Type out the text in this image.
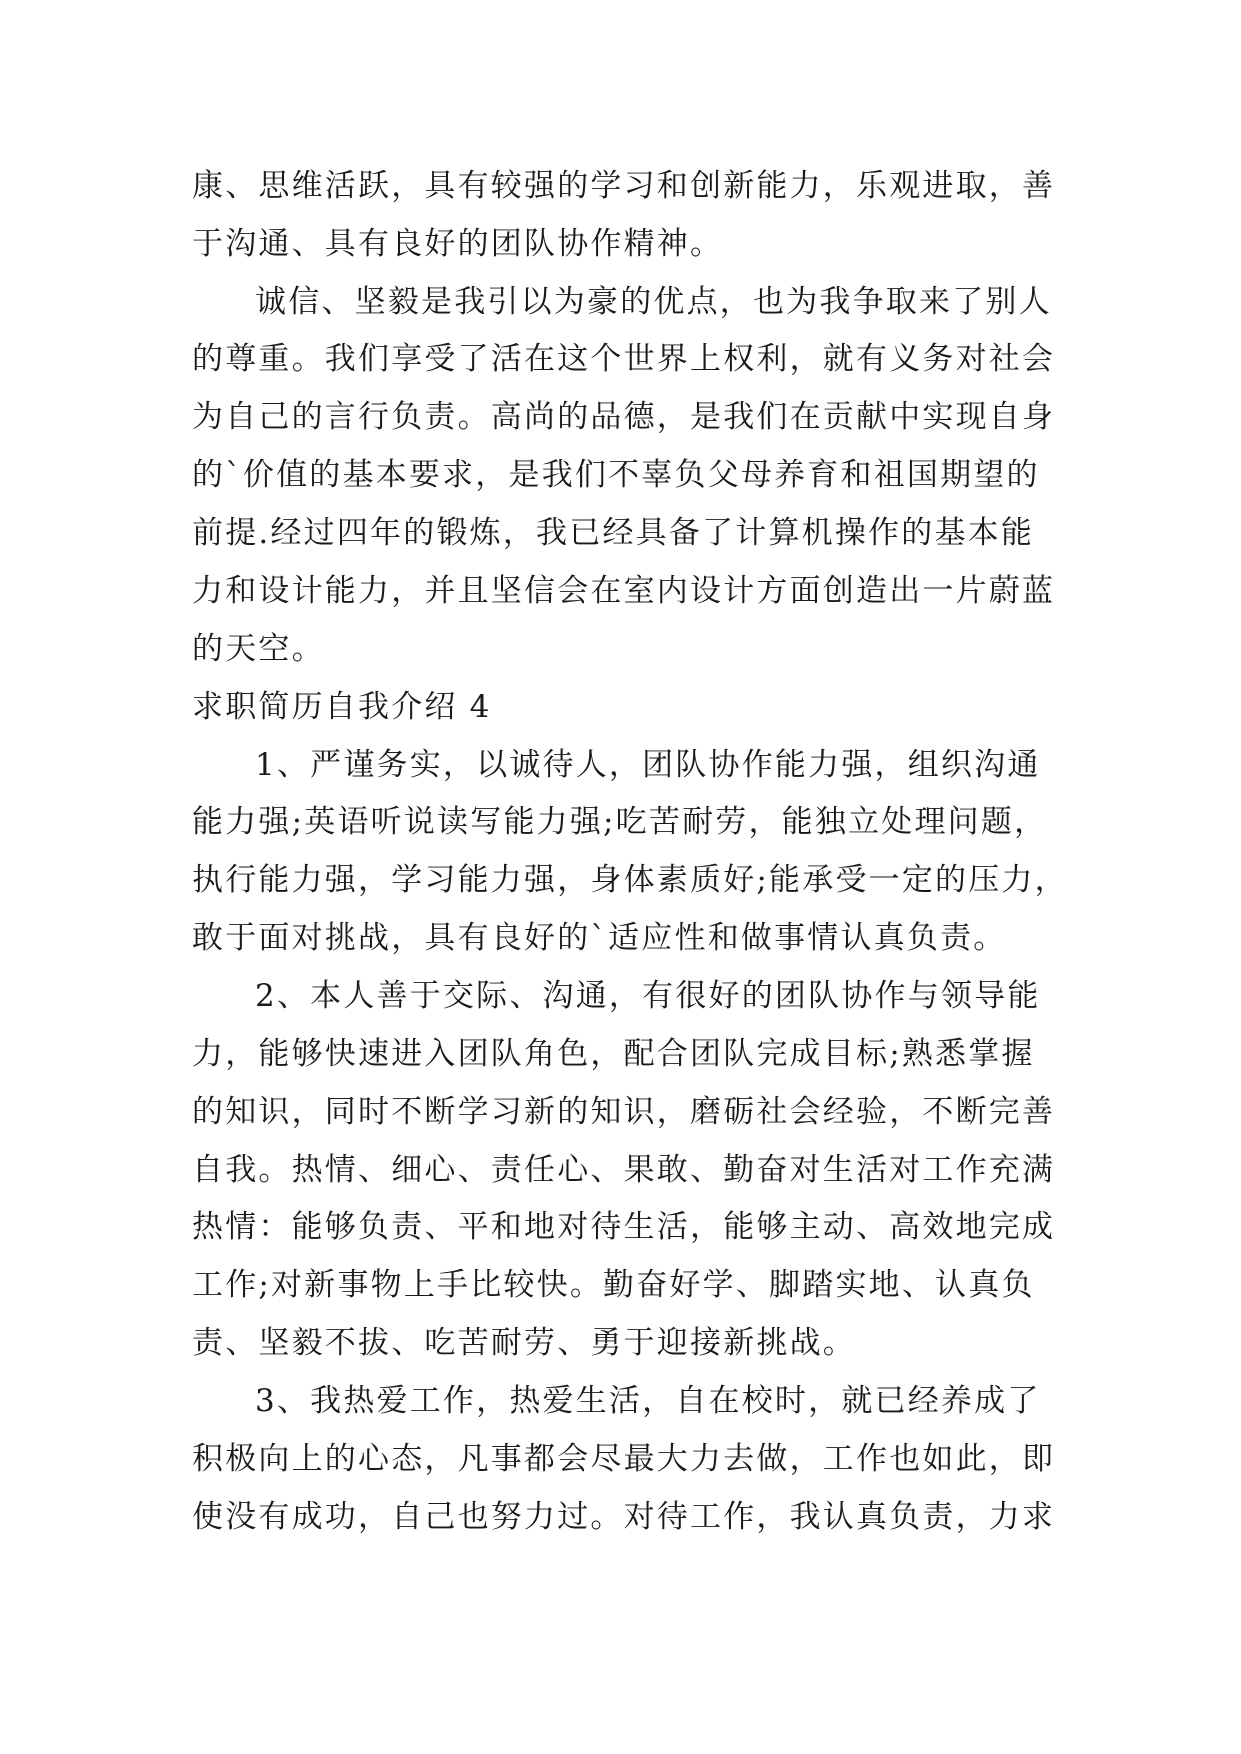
康、思维活跃，具有较强的学习和创新能力，乐观进取，善
于沟通、具有良好的团队协作精神。
诚信、坚毅是我引以为豪的优点，也为我争取来了别人
的尊重。我们享受了活在这个世界上权利，就有义务对社会
为自己的言行负责。高尚的品德，是我们在贡献中实现自身
的`价值的基本要求，是我们不辜负父母养育和祖国期望的
前提.经过四年的锻炼，我已经具备了计算机操作的基本能
力和设计能力，并且坚信会在室内设计方面创造出一片蔚蓝
的天空。
求职简历自我介绍 4
1、严谨务实，以诚待人，团队协作能力强，组织沟通
能力强;英语听说读写能力强;吃苦耐劳，能独立处理问题，
执行能力强，学习能力强，身体素质好;能承受一定的压力，
敢于面对挑战，具有良好的`适应性和做事情认真负责。
2、本人善于交际、沟通，有很好的团队协作与领导能
力，能够快速进入团队角色，配合团队完成目标;熟悉掌握
的知识，同时不断学习新的知识，磨砺社会经验，不断完善
自我。热情、细心、责任心、果敢、勤奋对生活对工作充满
热情：能够负责、平和地对待生活，能够主动、高效地完成
工作;对新事物上手比较快。勤奋好学、脚踏实地、认真负
责、坚毅不拔、吃苦耐劳、勇于迎接新挑战。
3、我热爱工作，热爱生活，自在校时，就已经养成了
积极向上的心态，凡事都会尽最大力去做，工作也如此，即
使没有成功，自己也努力过。对待工作，我认真负责，力求
